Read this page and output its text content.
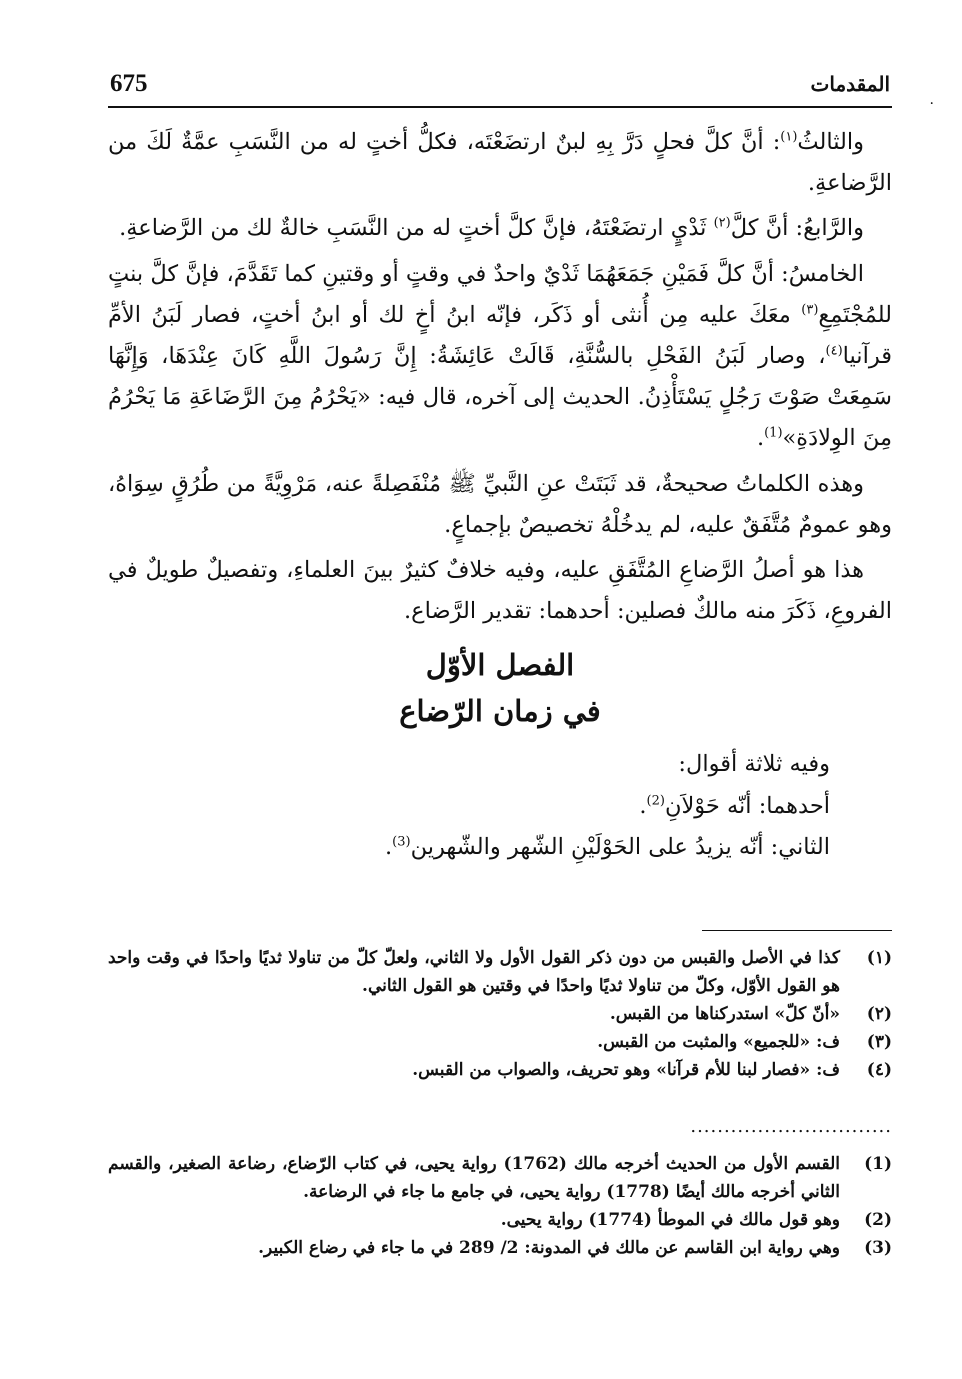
675	المقدمات
.

والثالثُ$^{(١)}$: أنَّ كلَّ فحلٍ دَرَّ بِهِ لبنٌ ارتضَعْتَه، فكلُّ أختٍ له من النَّسَبِ عمَّةٌ لَكَ من الرَّضاعةِ.

والرَّابعُ: أنَّ كلَّ$^{(٢)}$ ثَدْيٍ ارتضَعْتَهُ، فإنَّ كلَّ أختٍ له من النَّسَبِ خالةٌ لك من الرَّضاعةِ.

الخامسُ: أنَّ كلَّ فَمَيْنِ جَمَعَهُمَا ثَدْيٌ واحدٌ في وقتٍ أو وقتينِ كما تَقَدَّمَ، فإنَّ كلَّ بنتٍ للمُجْتَمِعِ$^{(٣)}$ معَكَ عليه مِن أُنثى أو ذَكَر، فإنّه ابنُ أخٍ لك أو ابنُ أختٍ، فصار لَبَنُ الأمِّ قرآنيا$^{(٤)}$، وصار لَبَنُ الفَحْلِ بالسُّنَّةِ، قَالَتْ عَائِشَةُ: إِنَّ رَسُولَ اللَّهِ كَانَ عِنْدَهَا، وَإِنَّهَا سَمِعَتْ صَوْتَ رَجُلٍ يَسْتَأْذِنُ. الحديث إلى آخره، قال فيه: «يَحْرُمُ مِنَ الرَّضَاعَةِ مَا يَحْرُمُ مِنَ الوِلادَةِ»$^{(1)}$.

وهذه الكلماتُ صحيحةٌ، قد ثَبَتَتْ عنِ النَّبيِّ ﷺ مُنْفَصِلةً عنه، مَرْوِيَّةً من طُرُقٍ سِوَاهُ، وهو عمومٌ مُتَّفَقٌ عليه، لم يدخُلْهُ تخصيصٌ بإجماعٍ.

هذا هو أصلُ الرَّضاعِ المُتَّفَقِ عليه، وفيه خلافٌ كثيرٌ بينَ العلماءِ، وتفصيلٌ طويلٌ في الفروعِ، ذَكَرَ منه مالكٌ فصلين: أحدهما: تقدير الرَّضاع.

الفصل الأوّل
في زمان الرّضاع
وفيه ثلاثة أقوال:
أحدهما: أنّه حَوْلاَنِ$^{(2)}$.
الثاني: أنّه يزيدُ على الحَوْلَيْنِ الشّهر والشّهرين$^{(3)}$.
(١)
كذا في الأصل والقبس من دون ذكر القول الأول ولا الثاني، ولعلّ كلّ من تناولا ثديًا واحدًا في وقت واحد هو القول الأوّل، وكلّ من تناولا ثديًا واحدًا في وقتين هو القول الثاني.
(٢)
«أنّ كلّ» استدركناها من القبس.
(٣)
ف: «للجميع» والمثبت من القبس.
(٤)
ف: «فصار لبنا للأم قرآنا» وهو تحريف، والصواب من القبس.
..............................
(1)
القسم الأول من الحديث أخرجه مالك (1762) رواية يحيى، في كتاب الرّضاع، رضاعة الصغير، والقسم الثاني أخرجه مالك أيضًا (1778) رواية يحيى، في جامع ما جاء في الرضاعة.
(2)
وهو قول مالك في الموطأ (1774) رواية يحيى.
(3)
وهي رواية ابن القاسم عن مالك في المدونة: 2/ 289 في ما جاء في رضاع الكبير.
